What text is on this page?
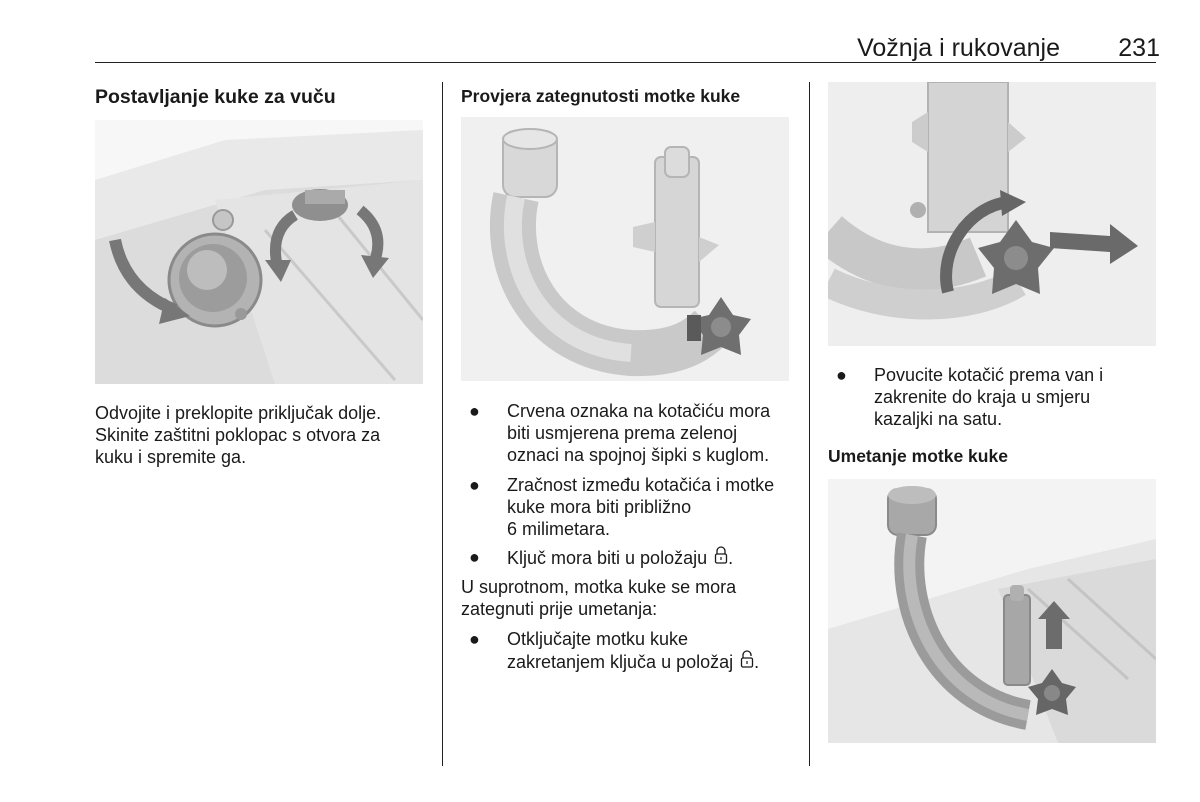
Vožnja i rukovanje	231
Postavljanje kuke za vuču
Odvojite i preklopite priključak dolje.
Skinite zaštitni poklopac s otvora za
kuku i spremite ga.
Provjera zategnutosti motke kuke
● Crvena oznaka na kotačiću mora
biti usmjerena prema zelenoj
oznaci na spojnoj šipki s kuglom.
● Zračnost između kotačića i motke
kuke mora biti približno
6 milimetara.
● Ključ mora biti u položaju .
U suprotnom, motka kuke se mora
zategnuti prije umetanja:
● Otključajte motku kuke
zakretanjem ključa u položaj .
● Povucite kotačić prema van i
zakrenite do kraja u smjeru
kazaljki na satu.
Umetanje motke kuke
